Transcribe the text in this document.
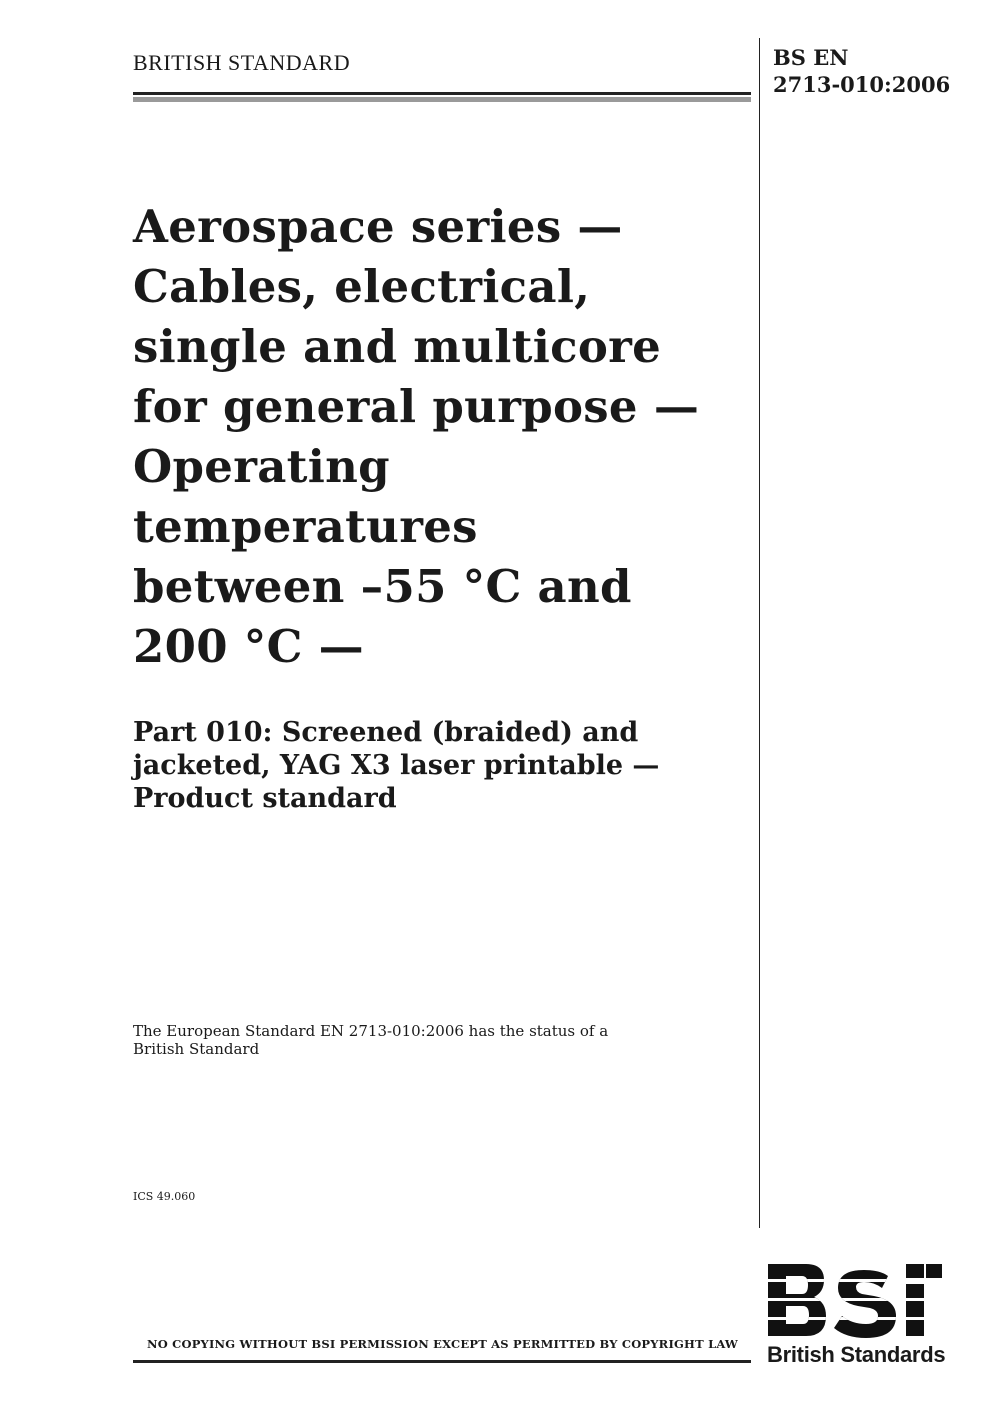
BRITISH STANDARD	BS EN
2713-010:2006
Aerospace series —
Cables, electrical,
single and multicore
for general purpose —
Operating
temperatures
between –55 °C and
200 °C —
Part 010: Screened (braided) and
jacketed, YAG X3 laser printable —
Product standard
The European Standard EN 2713-010:2006 has the status of a
British Standard
ICS 49.060
NO COPYING WITHOUT BSI PERMISSION EXCEPT AS PERMITTED BY COPYRIGHT LAW British Standards
